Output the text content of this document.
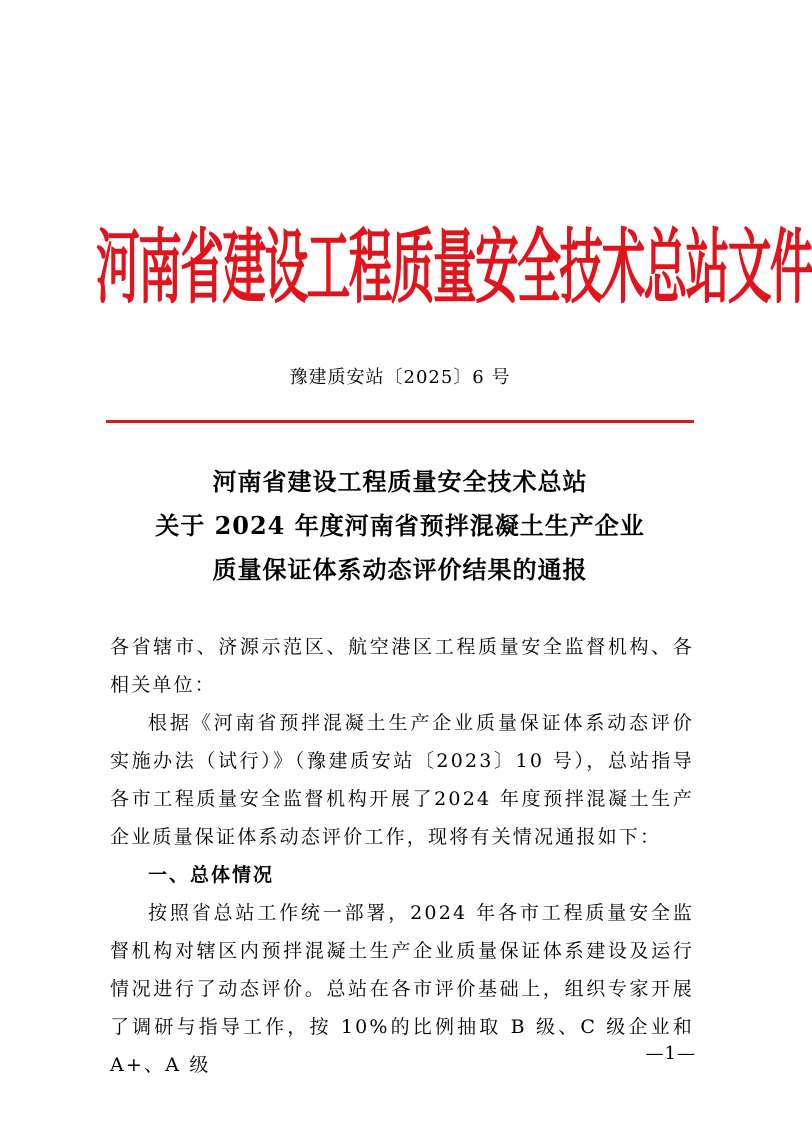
河南省建设工程质量安全技术总站文件
豫建质安站〔2025〕6 号
河南省建设工程质量安全技术总站
关于 2024 年度河南省预拌混凝土生产企业
质量保证体系动态评价结果的通报

各省辖市、济源示范区、航空港区工程质量安全监督机构、各相关单位：

根据《河南省预拌混凝土生产企业质量保证体系动态评价实施办法（试行）》（豫建质安站〔2023〕10 号），总站指导各市工程质量安全监督机构开展了2024 年度预拌混凝土生产企业质量保证体系动态评价工作，现将有关情况通报如下：

一、总体情况

按照省总站工作统一部署，2024 年各市工程质量安全监督机构对辖区内预拌混凝土生产企业质量保证体系建设及运行情况进行了动态评价。总站在各市评价基础上，组织专家开展了调研与指导工作，按 10%的比例抽取 B 级、C 级企业和 A+、A 级

—1—
